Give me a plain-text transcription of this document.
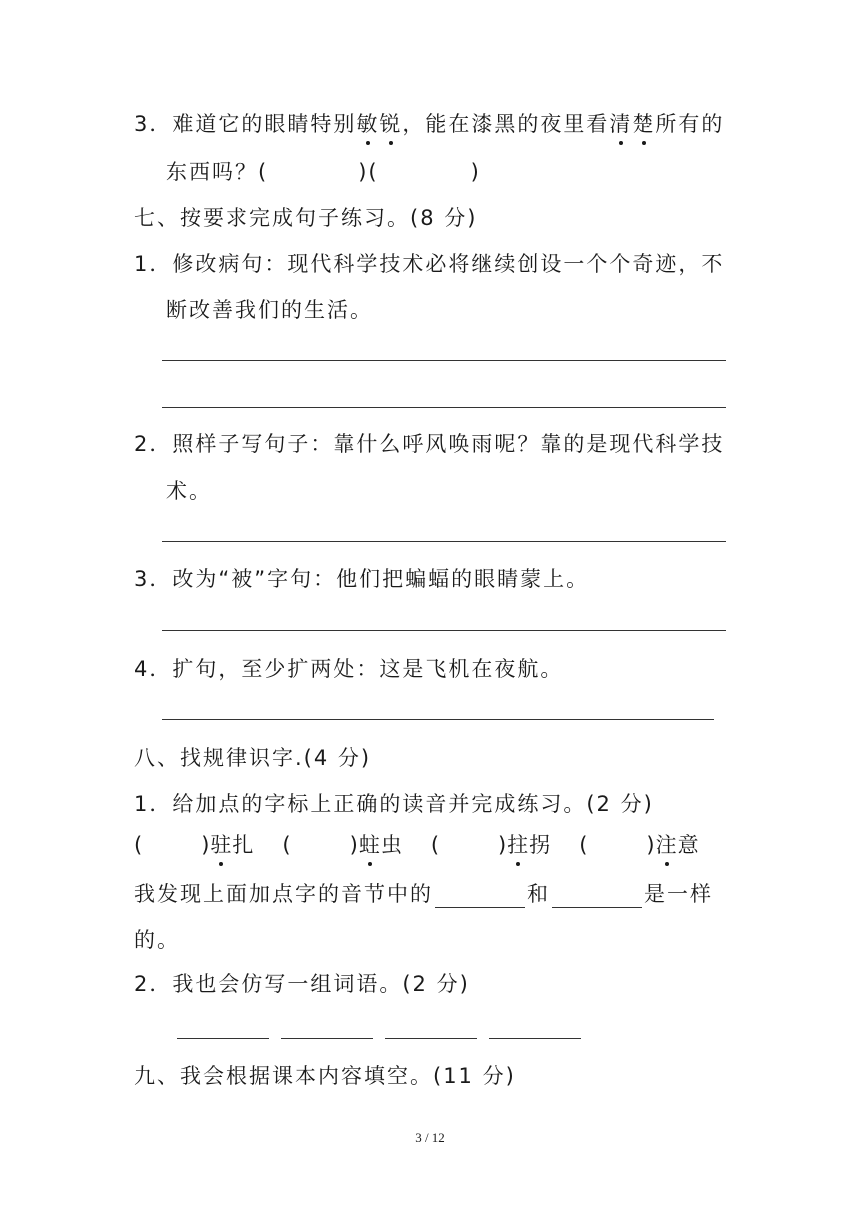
3．难道它的眼睛特别敏锐，能在漆黑的夜里看清楚所有的
东西吗？(	)(	)
七、按要求完成句子练习。(8 分)
1．修改病句：现代科学技术必将继续创设一个个奇迹，不
断改善我们的生活。
2．照样子写句子：靠什么呼风唤雨呢？靠的是现代科学技
术。
3．改为“被”字句：他们把蝙蝠的眼睛蒙上。
4．扩句，至少扩两处：这是飞机在夜航。
八、找规律识字.(4 分)
1．给加点的字标上正确的读音并完成练习。(2 分)
(	)驻扎 (	)蛀虫 (	)拄拐 (	)注意
我发现上面加点字的音节中的	和	是一样
的。
2．我也会仿写一组词语。(2 分)
九、我会根据课本内容填空。(11 分)
3 / 12
